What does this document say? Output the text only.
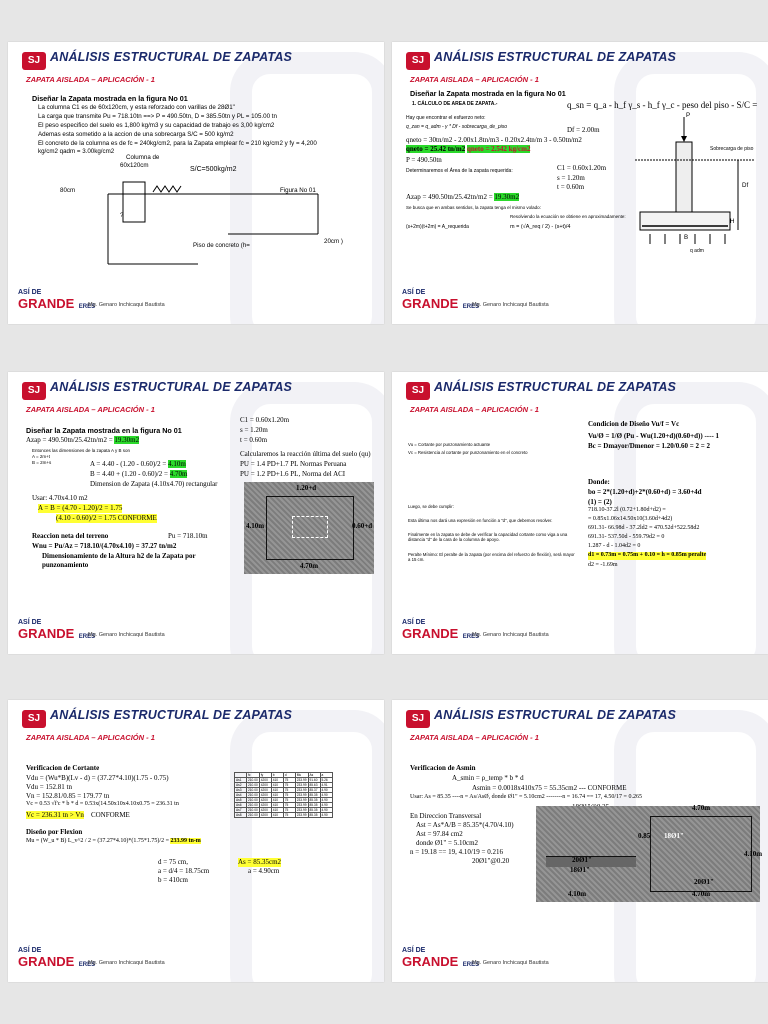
SJ ANÁLISIS ESTRUCTURAL DE ZAPATAS
ZAPATA AISLADA – APLICACIÓN - 1
Diseñar la Zapata mostrada en la figura No 01
La columna C1 es de 60x120cm, y esta reforzado con varillas de 28Ø1"
La carga que transmite Pu = 718.10tn ==> P = 490.50tn, D = 385.50tn y PL = 105.00 tn
El peso especifico del suelo es 1,800 kg/m3 y su capacidad de trabajo es 3,00 kg/cm2
Ademas esta sometido a la accion de una sobrecarga S/C = 500 kg/m2
El concreto de la columna es de fc = 240kg/cm2, para la Zapata emplear fc = 210 kg/cm2 y fy = 4,200
kg/cm2 qadm = 3.00kg/cm2
Columna de
60x120cm
S/C=500kg/m2
80cm	Figura No 01
Piso de concreto (h=
20cm )
?
ASÍ DE
GRANDE ERES
Mg. Genaro Inchicaqui Bautista
SJ ANÁLISIS ESTRUCTURAL DE ZAPATAS
ZAPATA AISLADA – APLICACIÓN - 1
Diseñar la Zapata mostrada en la figura No 01
1. CÁLCULO DE AREA DE ZAPATA.-	q_sn = q_a - h_f γ_s - h_f γ_c - peso del piso - S/C =
Hay que encontrar el esfuerzo neto:
q_zan = q_adm - γ * Df - sobrecarga_de_piso	Df = 2.00m
qneto = 30tn/m2 - 2.00x1.8tn/m3 - 0.20x2.4tn/m 3 - 0.50tn/m2
qneto = 25.42 tn/m2 qneto = 2.542 kg/cm2
P = 490.50tn
Determinaremos el Área de la zapata requerida:	C1 = 0.60x1.20m
s = 1.20m
t = 0.60m
Azap = 490.50tn/25.42tn/m2 = 19.30m2
Se busca que en ambas sentidos, la zapata tenga el mismo volado:
Resolviendo la ecuación se obtiene en aproximadamente:
(s+2m)(t+2m) = A_requerida	m = (√A_req / 2) - (s+t)/4
P
Sobrecarga de piso
Df
H
B
q adm
ASÍ DE
GRANDE ERES
Mg. Genaro Inchicaqui Bautista
SJ ANÁLISIS ESTRUCTURAL DE ZAPATAS
ZAPATA AISLADA – APLICACIÓN - 1
Diseñar la Zapata mostrada en la figura No 01
Azap = 490.50tn/25.42tn/m2 = 19.30m2
Entonces las dimensiones de la zapata A y B son
A = 2m+t
B = 2m+s	A = 4.40 - (1.20 - 0.60)/2 = 4.10m
B = 4.40 + (1.20 - 0.60)/2 = 4.70m
Dimension de Zapata (4.10x4.70) rectangular
Usar: 4.70x4.10 m2
A = B = (4.70 - 1.20)/2 = 1.75
(4.10 - 0.60)/2 = 1.75 CONFORME
Reaccion neta del terreno	Pu = 718.10tn
Wnu = Pu/Az = 718.10/(4.70x4.10) = 37.27 tn/m2
Dimensionamiento de la Altura h2 de la Zapata por
punzonamiento
C1 = 0.60x1.20m
s = 1.20m
t = 0.60m
Calcularemos la reacción última del suelo (qu)
PU = 1.4 PD+1.7 PL Normas Peruana
PU = 1.2 PD+1.6 PL, Norma del ACI
1.20+d
4.10m	0.60+d
4.70m
ASÍ DE
GRANDE ERES
Mg. Genaro Inchicaqui Bautista
SJ ANÁLISIS ESTRUCTURAL DE ZAPATAS
ZAPATA AISLADA – APLICACIÓN - 1
Vu = Cortante por punzonamiento actuante
Vc = Resistencia al cortante por punzonamiento en el concreto
Luego, se debe cumplir:
Esta última nos dará una expresión en función a "d", que debemos resolver.
Finalmente en la zapata se debe de verificar la capacidad cortante como viga a una distancia "d" de la cara de la columna de apoyo.
Peralte Mínimo: El peralte de la zapata (por encima del refuerzo de flexión), será mayor a 15 cm.
Condicion de Diseño Vu/f = Vc
Vu/Ø = 1/Ø (Pu - Wu(1.20+d)(0.60+d)) ---- 1
Bc = Dmayor/Dmenor = 1.20/0.60 = 2 = 2
Donde:
bo = 2*(1.20+d)+2*(0.60+d) = 3.60+4d
(1) = (2)
718.10-37.2l (0.72+1.80d+d2) =
= 0.85x1.06x14.50x10(3.60d+4d2)
691.31- 66.98d - 37.2ld2 = 470.52d+522.58d2
691.31- 537.50d - 559.79d2 = 0
1.287 - d - 1.04d2 = 0
d1 = 0.73m = 0.75m + 0.10 = h = 0.85m peralte
d2 = -1.69m
ASÍ DE
GRANDE ERES
Mg. Genaro Inchicaqui Bautista
SJ ANÁLISIS ESTRUCTURAL DE ZAPATAS
ZAPATA AISLADA – APLICACIÓN - 1
Verificacion de Cortante
Vdu = (Wu*B)(Lv - d) = (37.27*4.10)(1.75 - 0.75)
Vdu = 152.81 tn
Vn = 152.81/0.85 = 179.77 tn
Vc = 0.53 √f'c * b * d = 0.53x(14.50x10x4.10x0.75 = 236.31 tn
Vc = 236.31 tn > Vn CONFORME
Diseño por Flexion
Mu = (W_u * B) L_v^2 / 2 = (37.27*4.10)*(1.75*1.75)/2 = 233.99 tn-m
d = 75 cm,	As = 85.35cm2
a = d/4 = 18.75cm	a = 4.90cm
b = 410cm
	fc	fy	b	d	Mu	As	a
As1	210.00	4200	410	75	233.99	91.60	5.26
As2	210.00	4200	410	75	233.99	85.63	4.91
As3	210.00	4200	410	75	233.99	85.37	4.90
As4	210.00	4200	410	75	233.99	85.35	4.90
As5	210.00	4200	410	75	233.99	85.35	4.90
As6	210.00	4200	410	75	233.99	85.35	4.90
As7	210.00	4200	410	75	233.99	85.35	4.90
As8	210.00	4200	410	75	233.99	85.35	4.90
ASÍ DE
GRANDE ERES
Mg. Genaro Inchicaqui Bautista
SJ ANÁLISIS ESTRUCTURAL DE ZAPATAS
ZAPATA AISLADA – APLICACIÓN - 1
Verificacion de Asmin
A_smin = ρ_temp * b * d
Asmin = 0.0018x410x75 = 55.35cm2 --- CONFORME
Usar: As = 85.35 ----n = As/AsØ, donde Ø1" = 5.10cm2 --------n = 16.74 == 17, 4.50/17 = 0.265
En Direccion Transversal
Ast = As*A/B = 85.35*(4.70/4.10)
Ast = 97.84 cm2
donde Ø1" = 5.10cm2
n = 19.18 == 19, 4.10/19 = 0.216
20Ø1"@0.20
4.70m
0.85 18Ø1"
20Ø1"
18Ø1"
4.10m
20Ø1"
4.70m
4.10m
ASÍ DE
GRANDE ERES
Mg. Genaro Inchicaqui Bautista
